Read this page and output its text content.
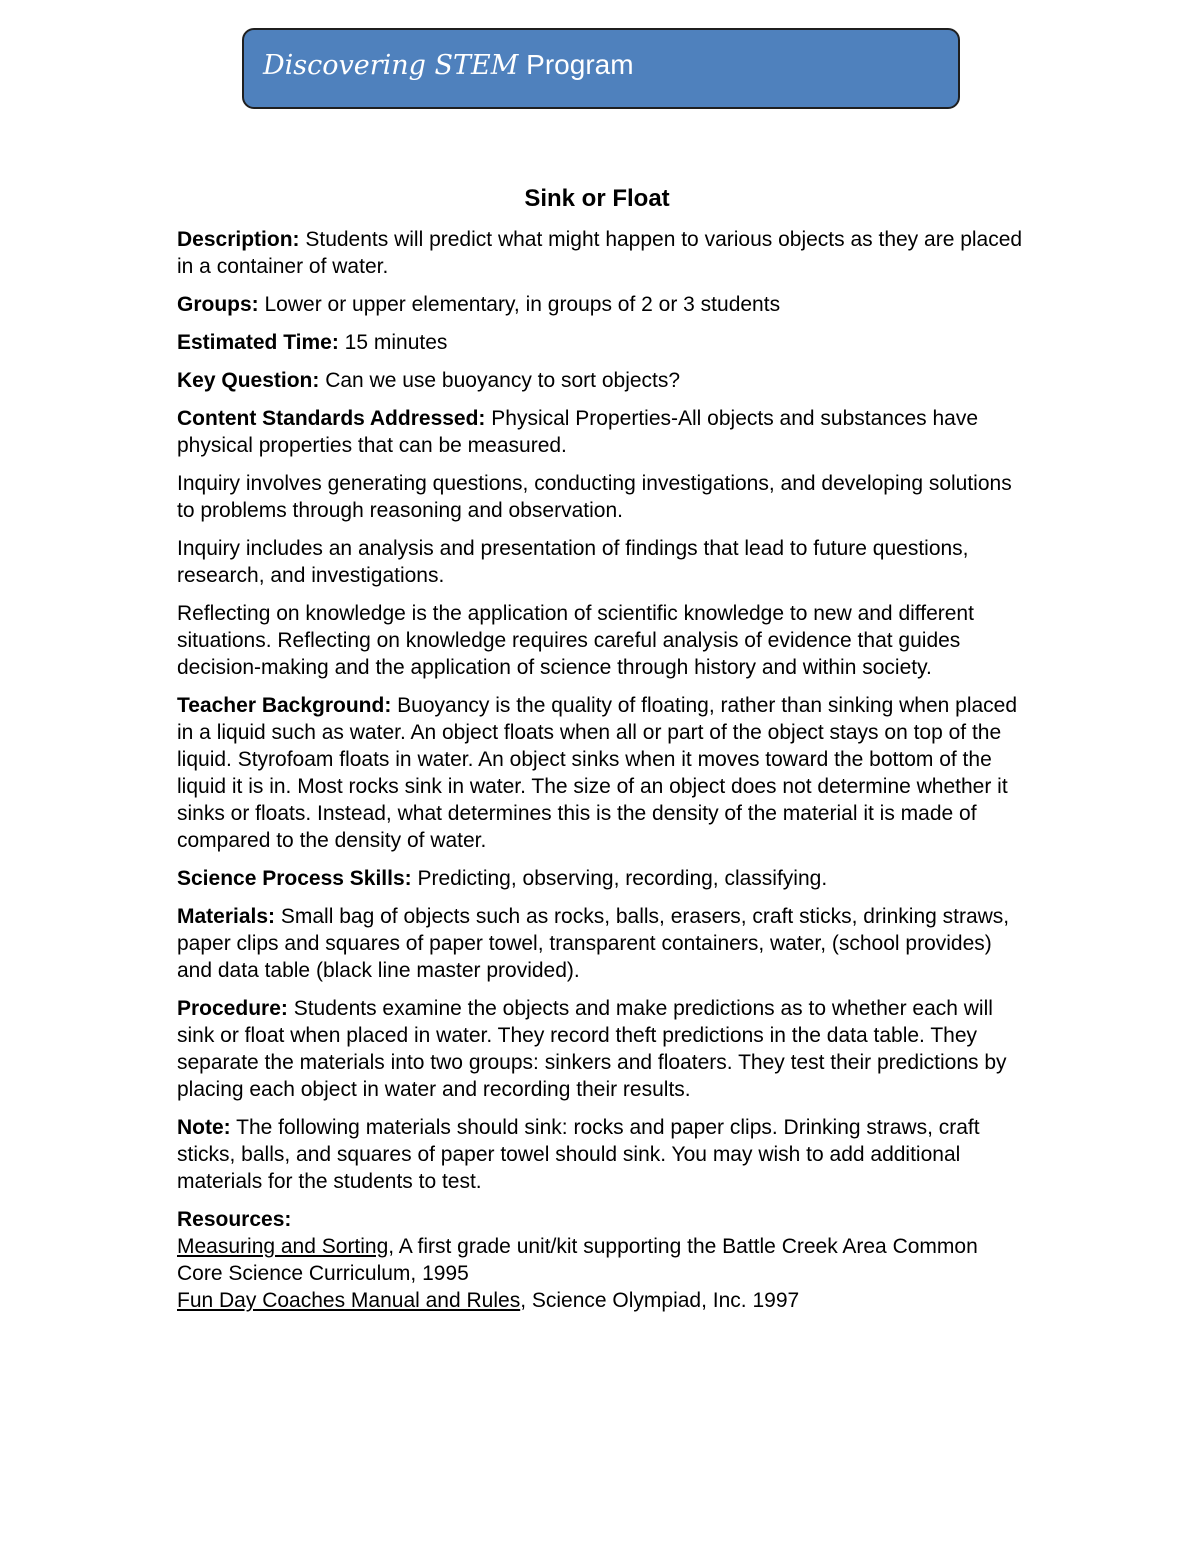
Discovering STEM Program
Sink or Float

Description: Students will predict what might happen to various objects as they are placed in a container of water.

Groups: Lower or upper elementary, in groups of 2 or 3 students

Estimated Time: 15 minutes

Key Question: Can we use buoyancy to sort objects?

Content Standards Addressed: Physical Properties-All objects and substances have physical properties that can be measured.

Inquiry involves generating questions, conducting investigations, and developing solutions to problems through reasoning and observation.

Inquiry includes an analysis and presentation of findings that lead to future questions, research, and investigations.

Reflecting on knowledge is the application of scientific knowledge to new and different situations. Reflecting on knowledge requires careful analysis of evidence that guides decision-making and the application of science through history and within society.

Teacher Background: Buoyancy is the quality of floating, rather than sinking when placed in a liquid such as water. An object floats when all or part of the object stays on top of the liquid. Styrofoam floats in water. An object sinks when it moves toward the bottom of the liquid it is in. Most rocks sink in water. The size of an object does not determine whether it sinks or floats. Instead, what determines this is the density of the material it is made of compared to the density of water.

Science Process Skills: Predicting, observing, recording, classifying.

Materials: Small bag of objects such as rocks, balls, erasers, craft sticks, drinking straws, paper clips and squares of paper towel, transparent containers, water, (school provides) and data table (black line master provided).

Procedure: Students examine the objects and make predictions as to whether each will sink or float when placed in water. They record theft predictions in the data table. They separate the materials into two groups: sinkers and floaters. They test their predictions by placing each object in water and recording their results.

Note: The following materials should sink: rocks and paper clips. Drinking straws, craft sticks, balls, and squares of paper towel should sink. You may wish to add additional materials for the students to test.

Resources:

Measuring and Sorting, A first grade unit/kit supporting the Battle Creek Area Common Core Science Curriculum, 1995

Fun Day Coaches Manual and Rules, Science Olympiad, Inc. 1997
